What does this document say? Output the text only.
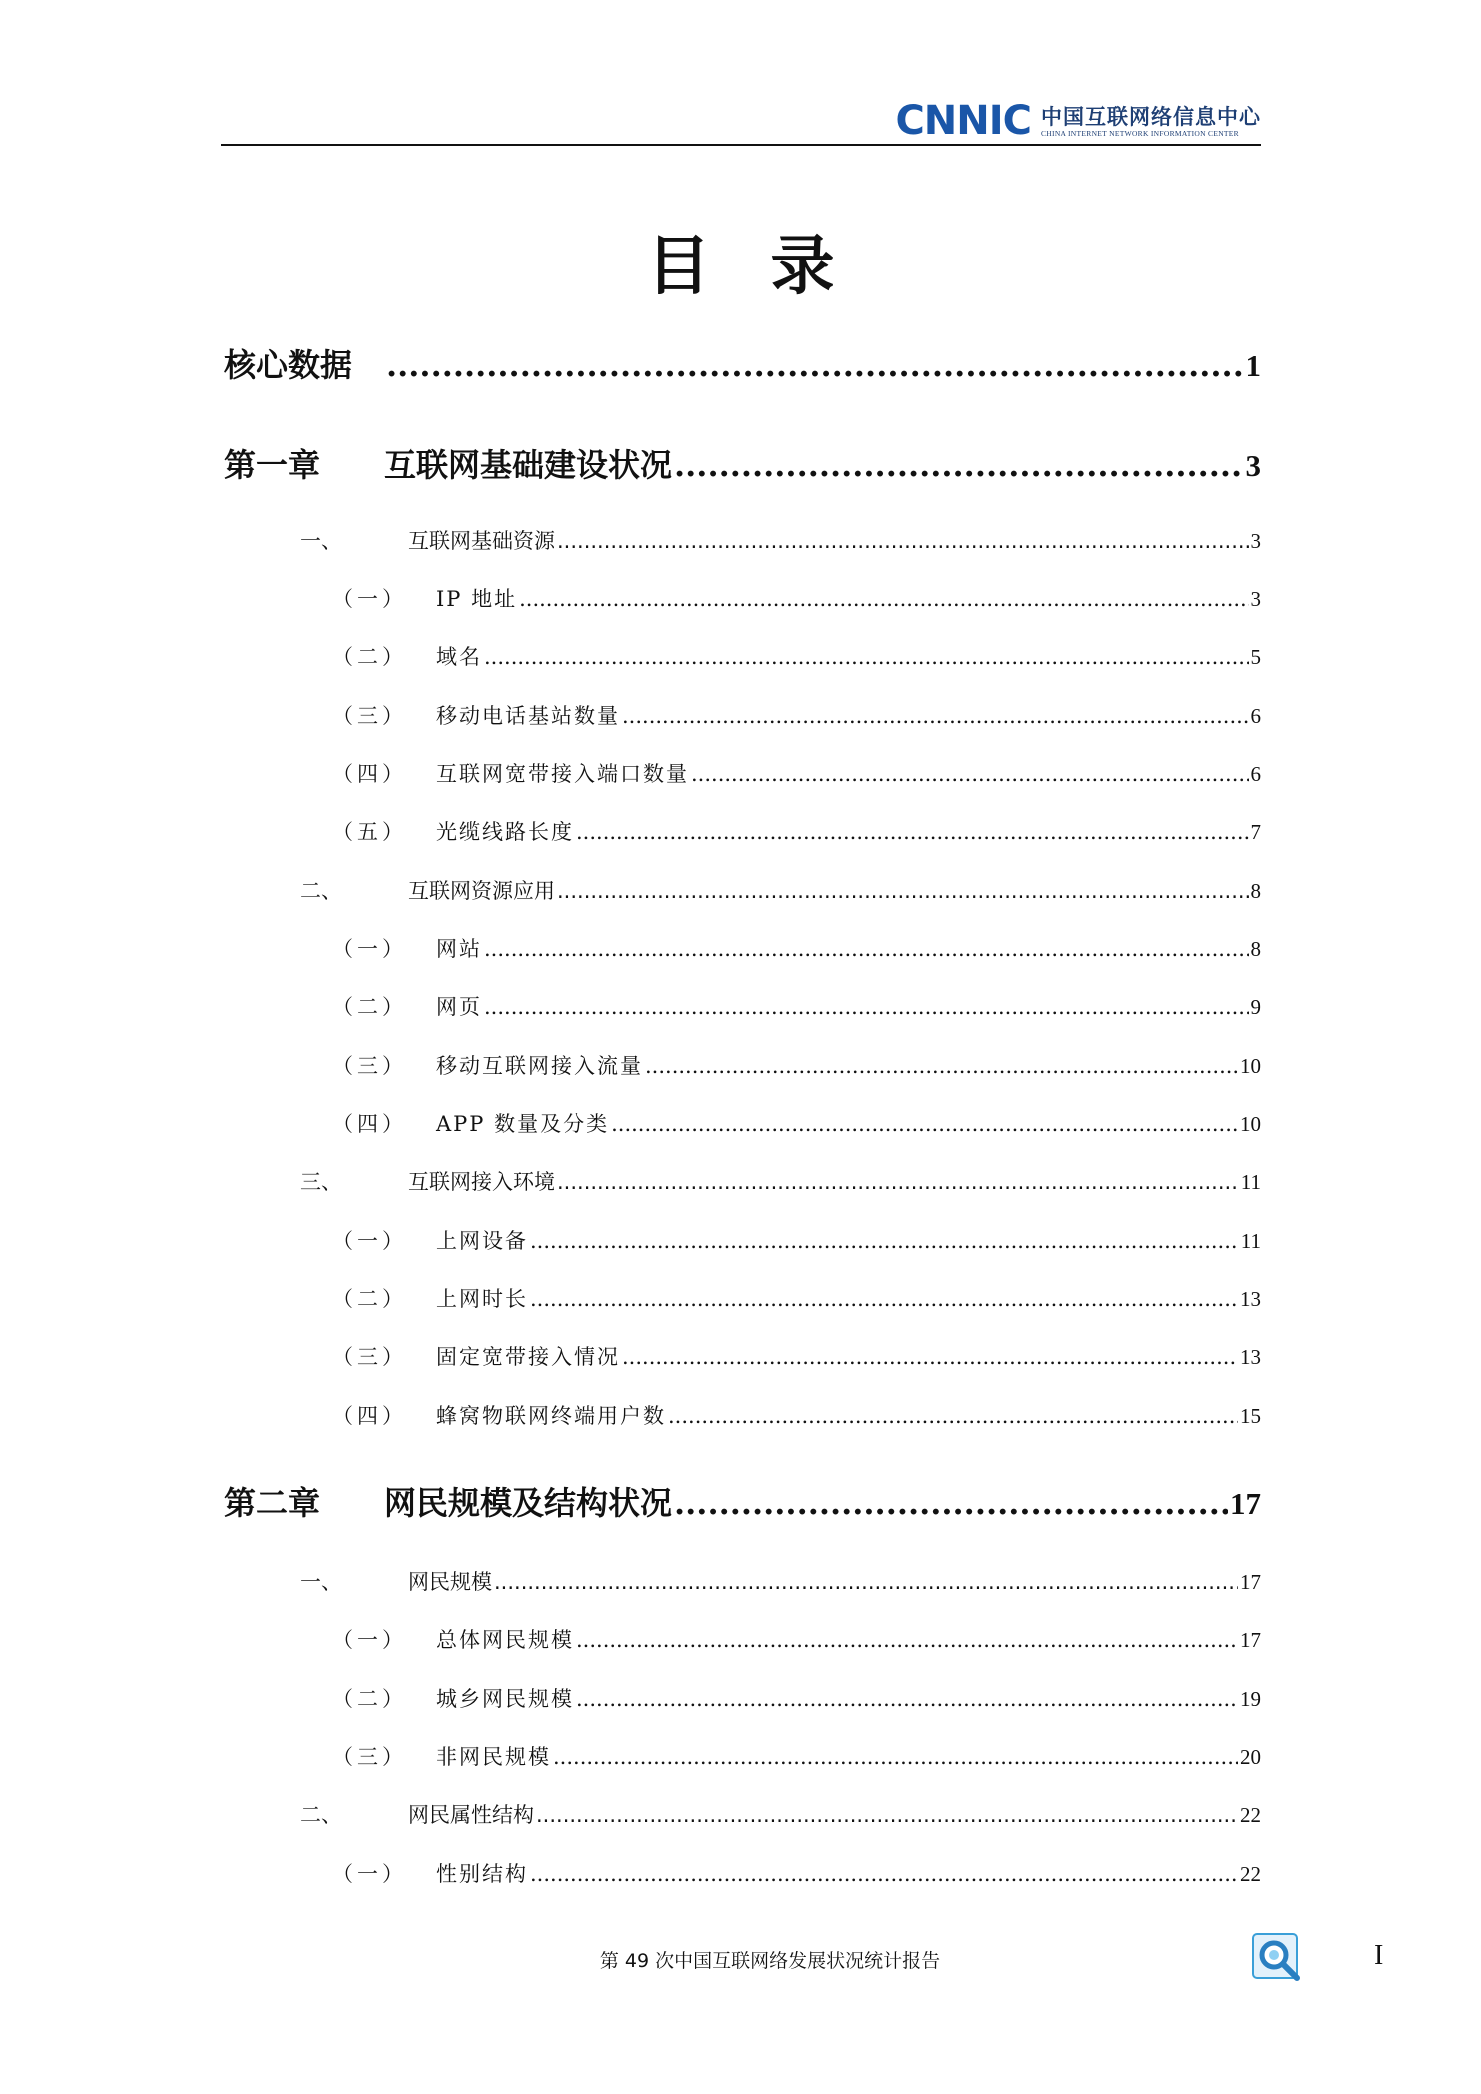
CNNIC 中国互联网络信息中心
CHINA INTERNET NETWORK INFORMATION CENTER
目录
核心数据 .....	1
第一章	互联网基础建设状况 .....	3
一、	互联网基础资源 .....	3
（一）	IP 地址 .....	3
（二）	域名 .....	5
（三）	移动电话基站数量 .....	6
（四）	互联网宽带接入端口数量 .....	6
（五）	光缆线路长度 .....	7
二、	互联网资源应用 .....	8
（一）	网站 .....	8
（二）	网页 .....	9
（三）	移动互联网接入流量 .....	10
（四）	APP 数量及分类 .....	10
三、	互联网接入环境 .....	11
（一）	上网设备 .....	11
（二）	上网时长 .....	13
（三）	固定宽带接入情况 .....	13
（四）	蜂窝物联网终端用户数 .....	15
第二章	网民规模及结构状况 .....	17
一、	网民规模 .....	17
（一）	总体网民规模 .....	17
（二）	城乡网民规模 .....	19
（三）	非网民规模 .....	20
二、	网民属性结构 .....	22
（一）	性别结构 .....	22
第 49 次中国互联网络发展状况统计报告	I
